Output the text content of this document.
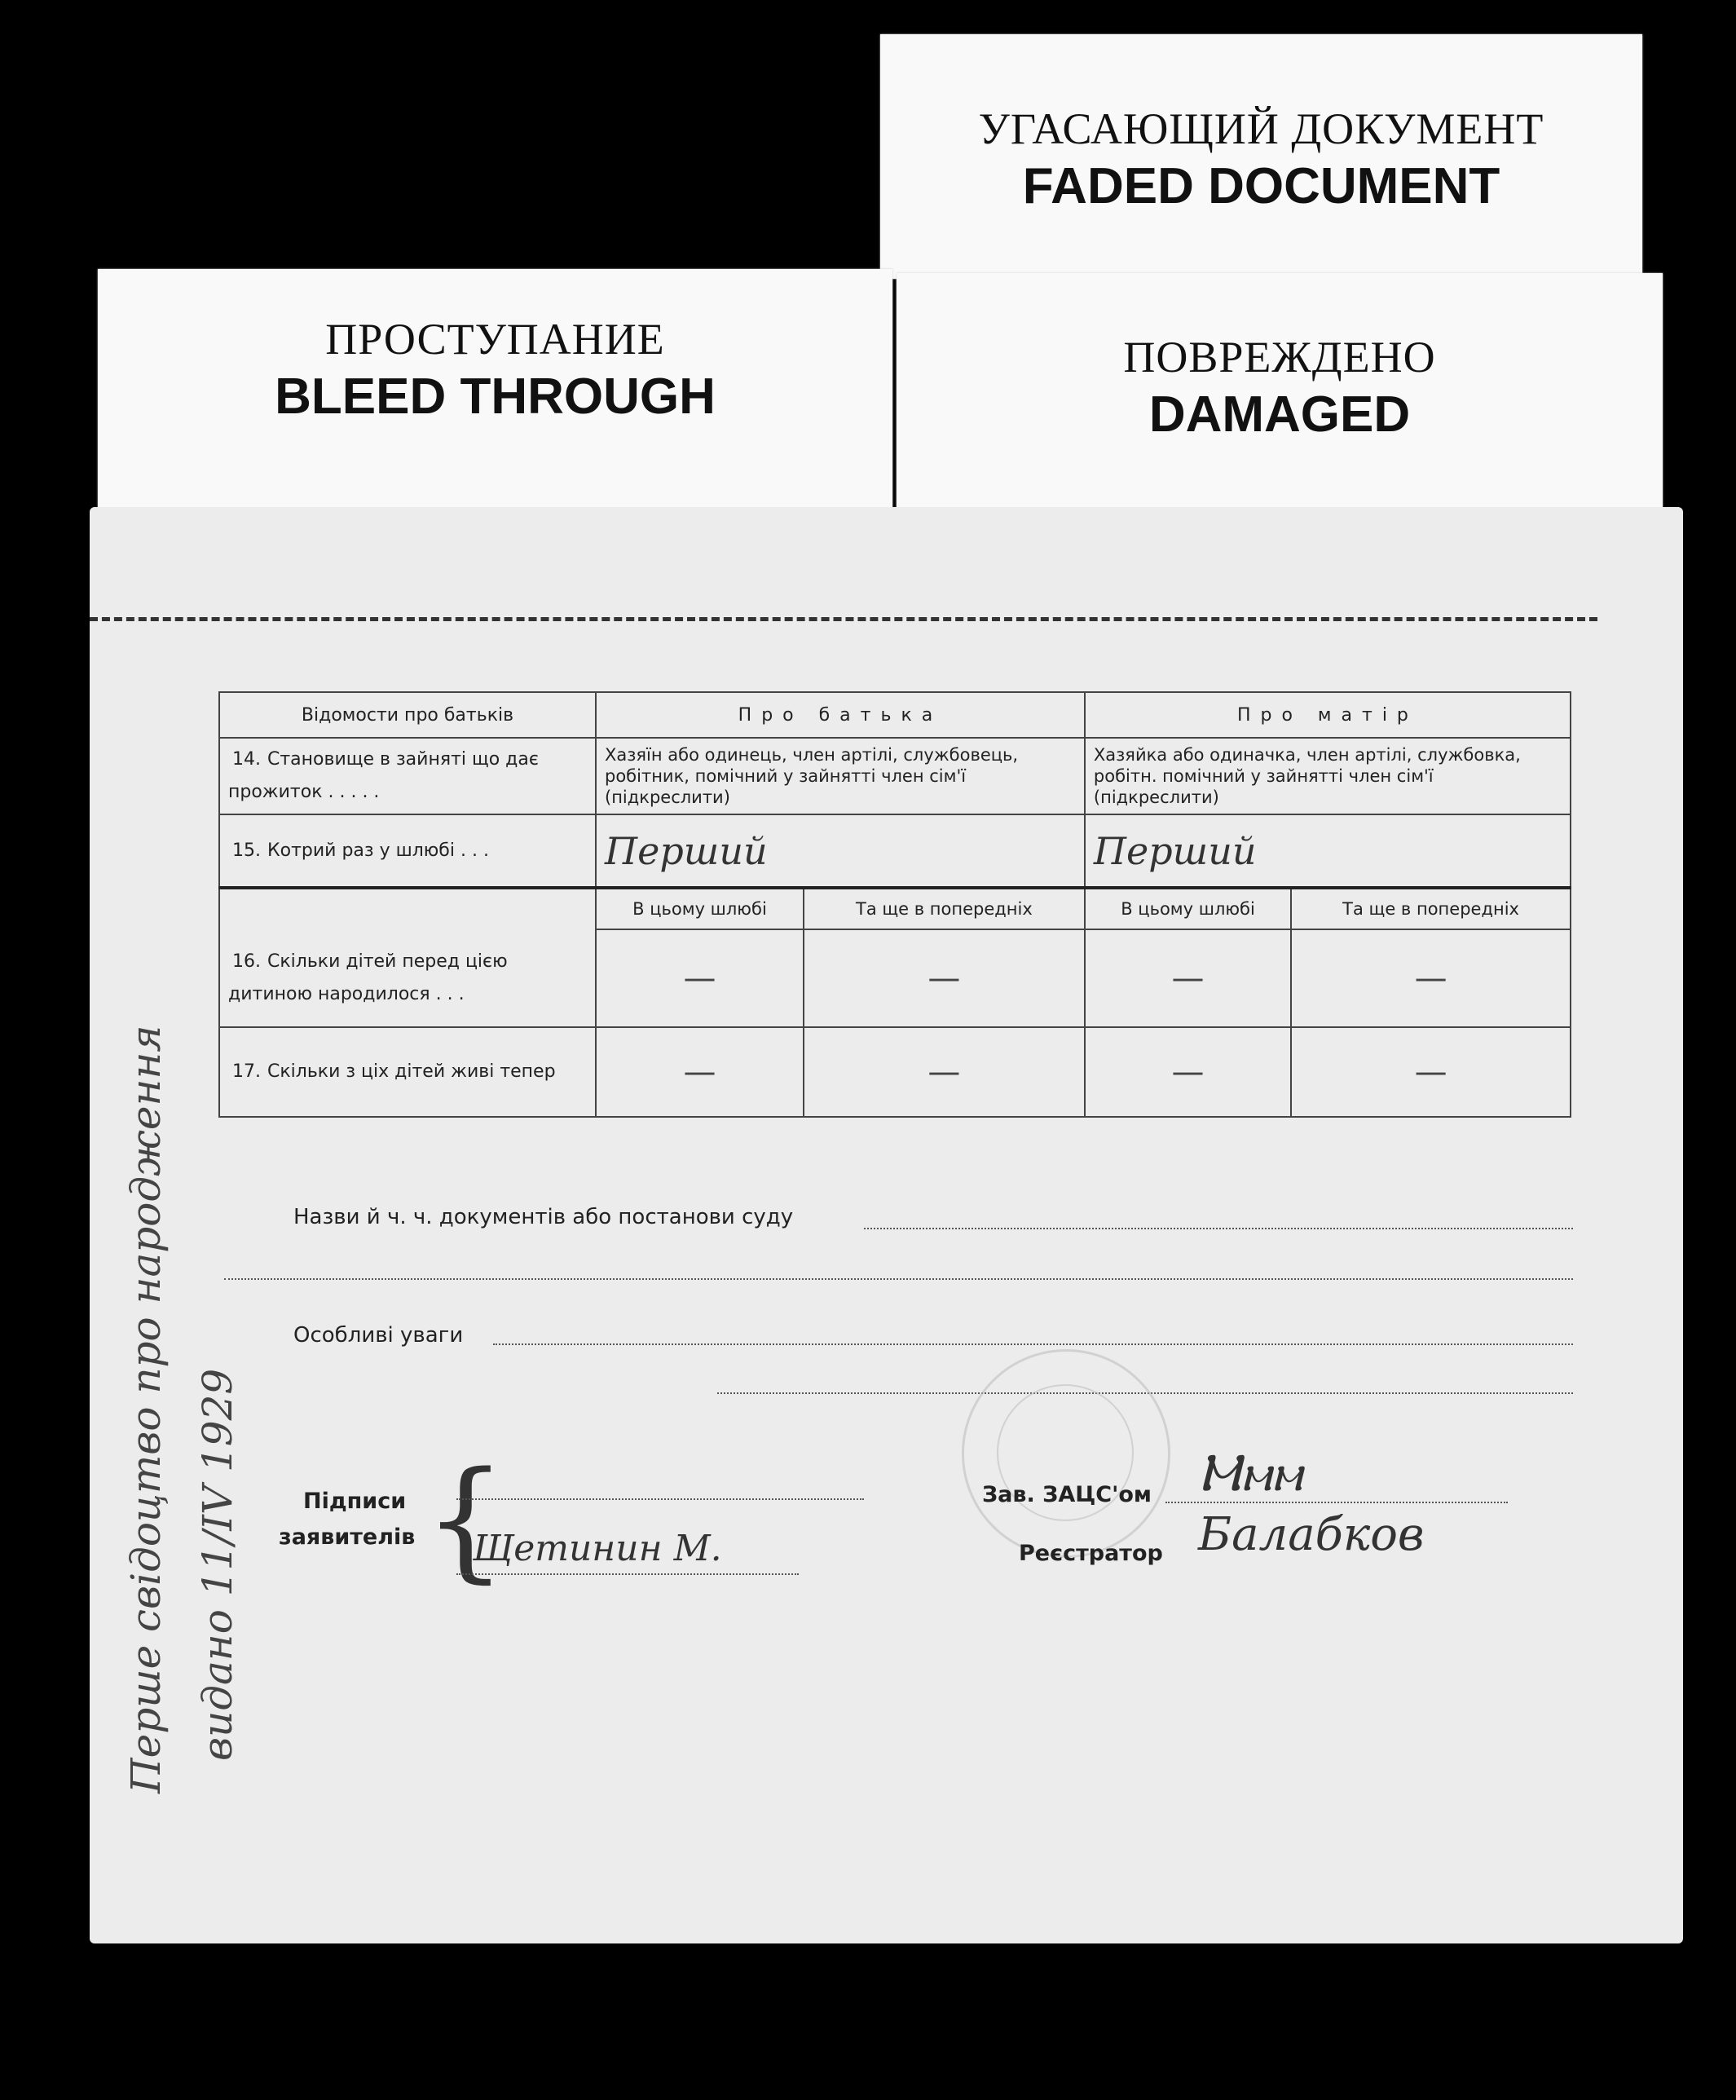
УГАСАЮЩИЙ ДОКУМЕНТ
FADED DOCUMENT
ПРОСТУПАНИЕ
BLEED THROUGH
ПОВРЕЖДЕНО
DAMAGED
Відомости про батьків	Про батька		Про матір	
14. Становище в зайняті що дає прожиток . . . . .	Хазяїн або одинець, член артілі, службовець, робітник, помічний у зайнятті член сім'ї (підкреслити)		Хазяйка або одиначка, член артілі, службовка, робітн. помічний у зайнятті член сім'ї (підкреслити)	
15. Котрий раз у шлюбі . . .	Перший		Перший	
	В цьому шлюбі	Та ще в попередніх	В цьому шлюбі	Та ще в попередніх
16. Скільки дітей перед цією дитиною народилося . . .	—	—	—	—

17. Скільки з ціх дітей живі тепер	—	—	—	—
Назви й ч. ч. документів або постанови суду
Особливі уваги
Підписи
заявителів {
Щетинин М.
Зав. ЗАЦС'ом Ⲙⲙⲙ
Реєстратор Балабков
Перше свідоцтво про народження видано 11/IV 1929
